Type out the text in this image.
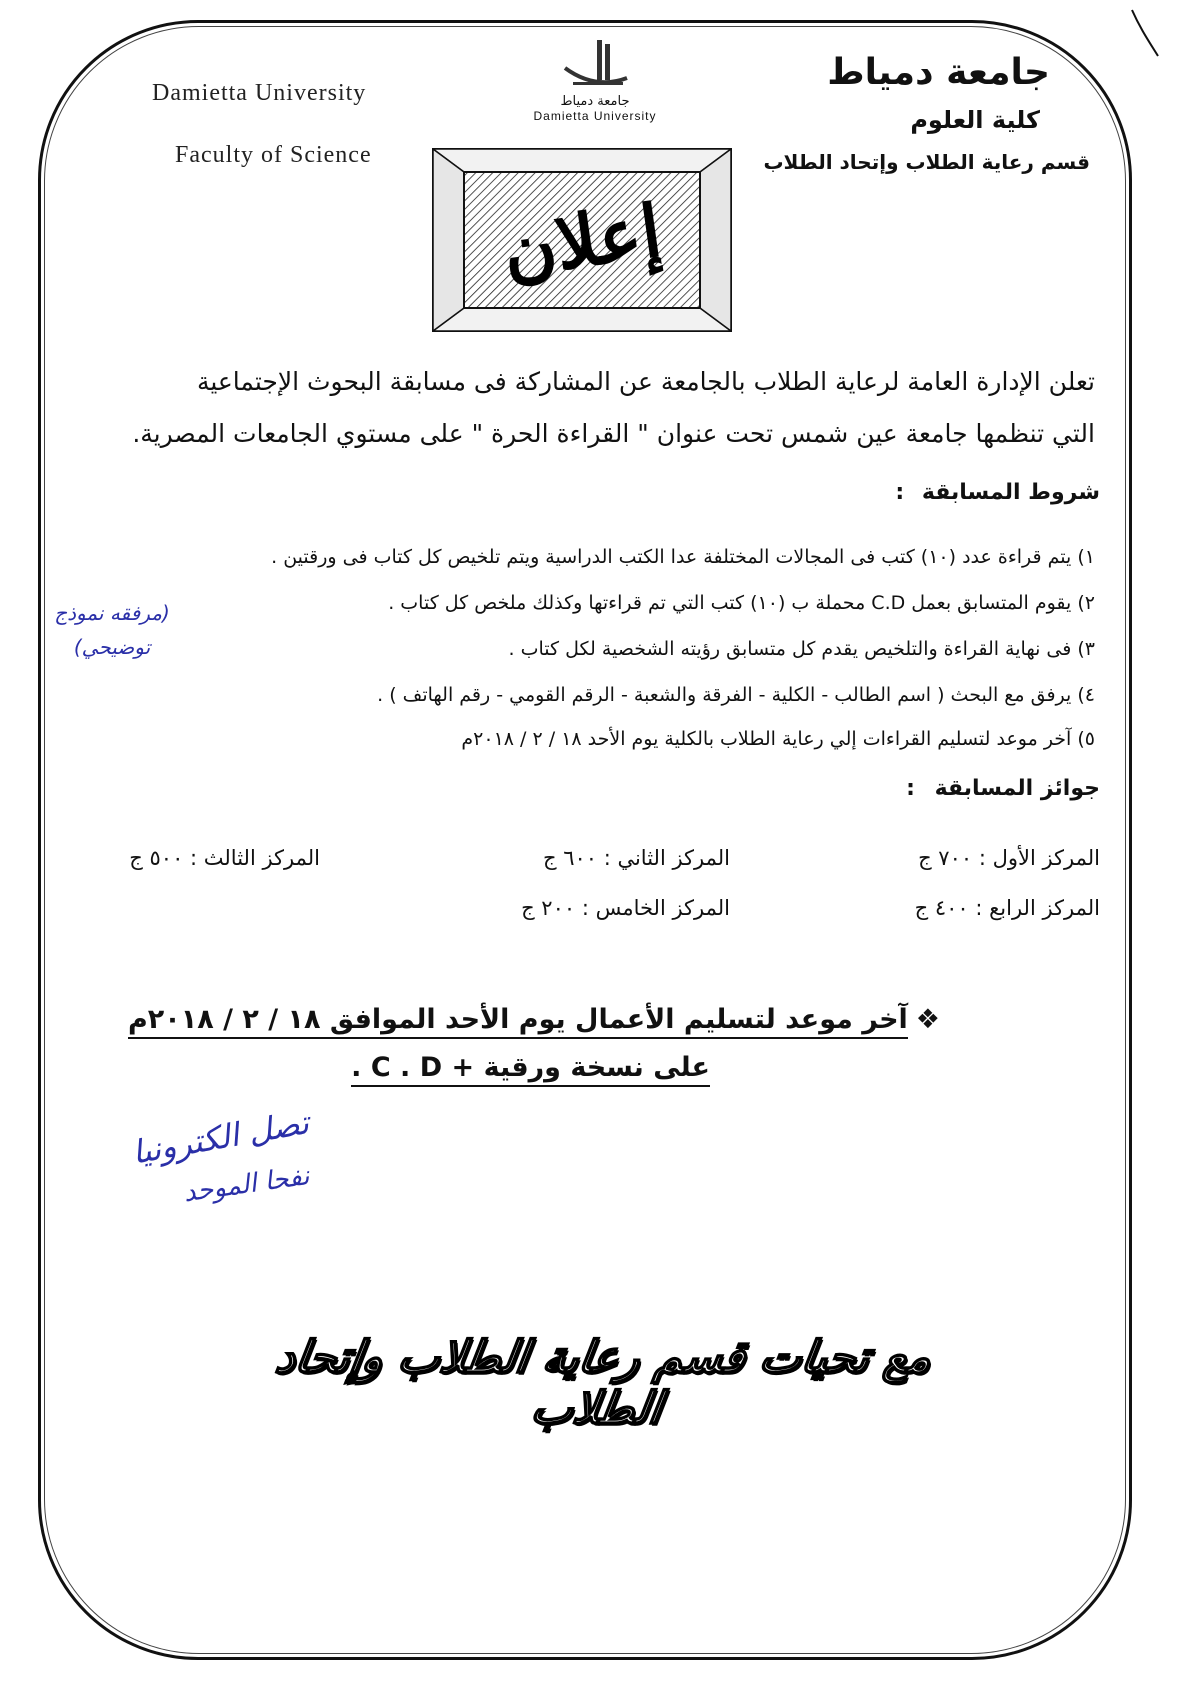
Damietta University
Faculty of Science
جامعة دمياط
Damietta University
جامعة دمياط
كلية العلوم
قسم رعاية الطلاب وإتحاد الطلاب
إعلان
تعلن الإدارة العامة لرعاية الطلاب بالجامعة عن المشاركة فى مسابقة البحوث الإجتماعية
التي تنظمها جامعة عين شمس تحت عنوان " القراءة الحرة " على مستوي الجامعات المصرية.
شروط المسابقة :
١) يتم قراءة عدد (١٠) كتب فى المجالات المختلفة عدا الكتب الدراسية ويتم تلخيص كل كتاب فى ورقتين .
٢) يقوم المتسابق بعمل C.D محملة ب (١٠) كتب التي تم قراءتها وكذلك ملخص كل كتاب .
٣) فى نهاية القراءة والتلخيص يقدم كل متسابق رؤيته الشخصية لكل كتاب .
٤) يرفق مع البحث ( اسم الطالب - الكلية - الفرقة والشعبة - الرقم القومي - رقم الهاتف ) .
٥) آخر موعد لتسليم القراءات إلي رعاية الطلاب بالكلية يوم الأحد ١٨ / ٢ / ٢٠١٨م
(مرفقه نموذج توضيحي)
جوائز المسابقة :
المركز الأول : ٧٠٠ ج
المركز الثاني : ٦٠٠ ج
المركز الثالث : ٥٠٠ ج
المركز الرابع : ٤٠٠ ج
المركز الخامس : ٢٠٠ ج
❖آخر موعد لتسليم الأعمال يوم الأحد الموافق ١٨ / ٢ / ٢٠١٨م
على نسخة ورقية + C . D .
تصل الكترونيا
نفحا الموحد
مع تحيات قسم رعاية الطلاب وإتحاد الطلاب
